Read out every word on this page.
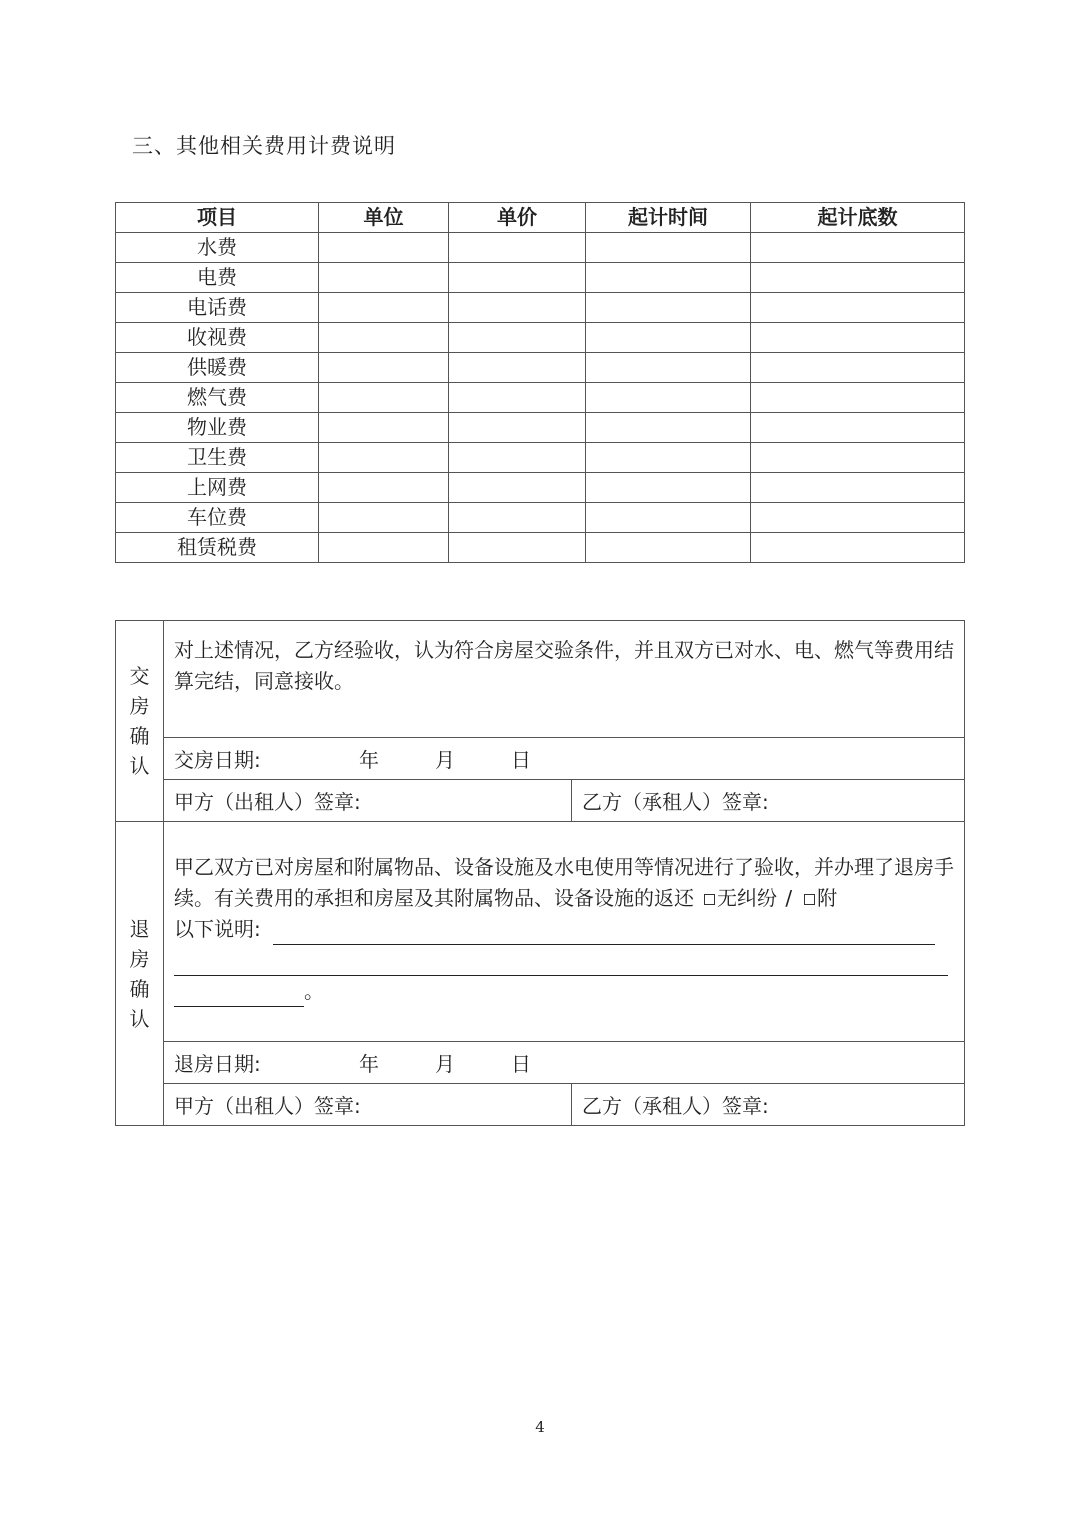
三、其他相关费用计费说明
项目	单位	单价	起计时间	起计底数
水费				
电费				
电话费				
收视费				
供暖费				
燃气费				
物业费				
卫生费				
上网费				
车位费				
租赁税费				
交
房
确
认	对上述情况，乙方经验收，认为符合房屋交验条件，并且双方已对水、电、燃气等费用结算完结，同意接收。	

	交房日期: 年 月 日	

	甲方（出租人）签章:	乙方（承租人）签章:

退
房
确
认	甲乙双方已对房屋和附属物品、设备设施及水电使用等情况进行了验收，并办理了退房手续。有关费用的承担和房屋及其附属物品、设备设施的返还 无纠纷 / 附
以下说明:
。	

	退房日期: 年 月 日	

	甲方（出租人）签章:	乙方（承租人）签章:
4
